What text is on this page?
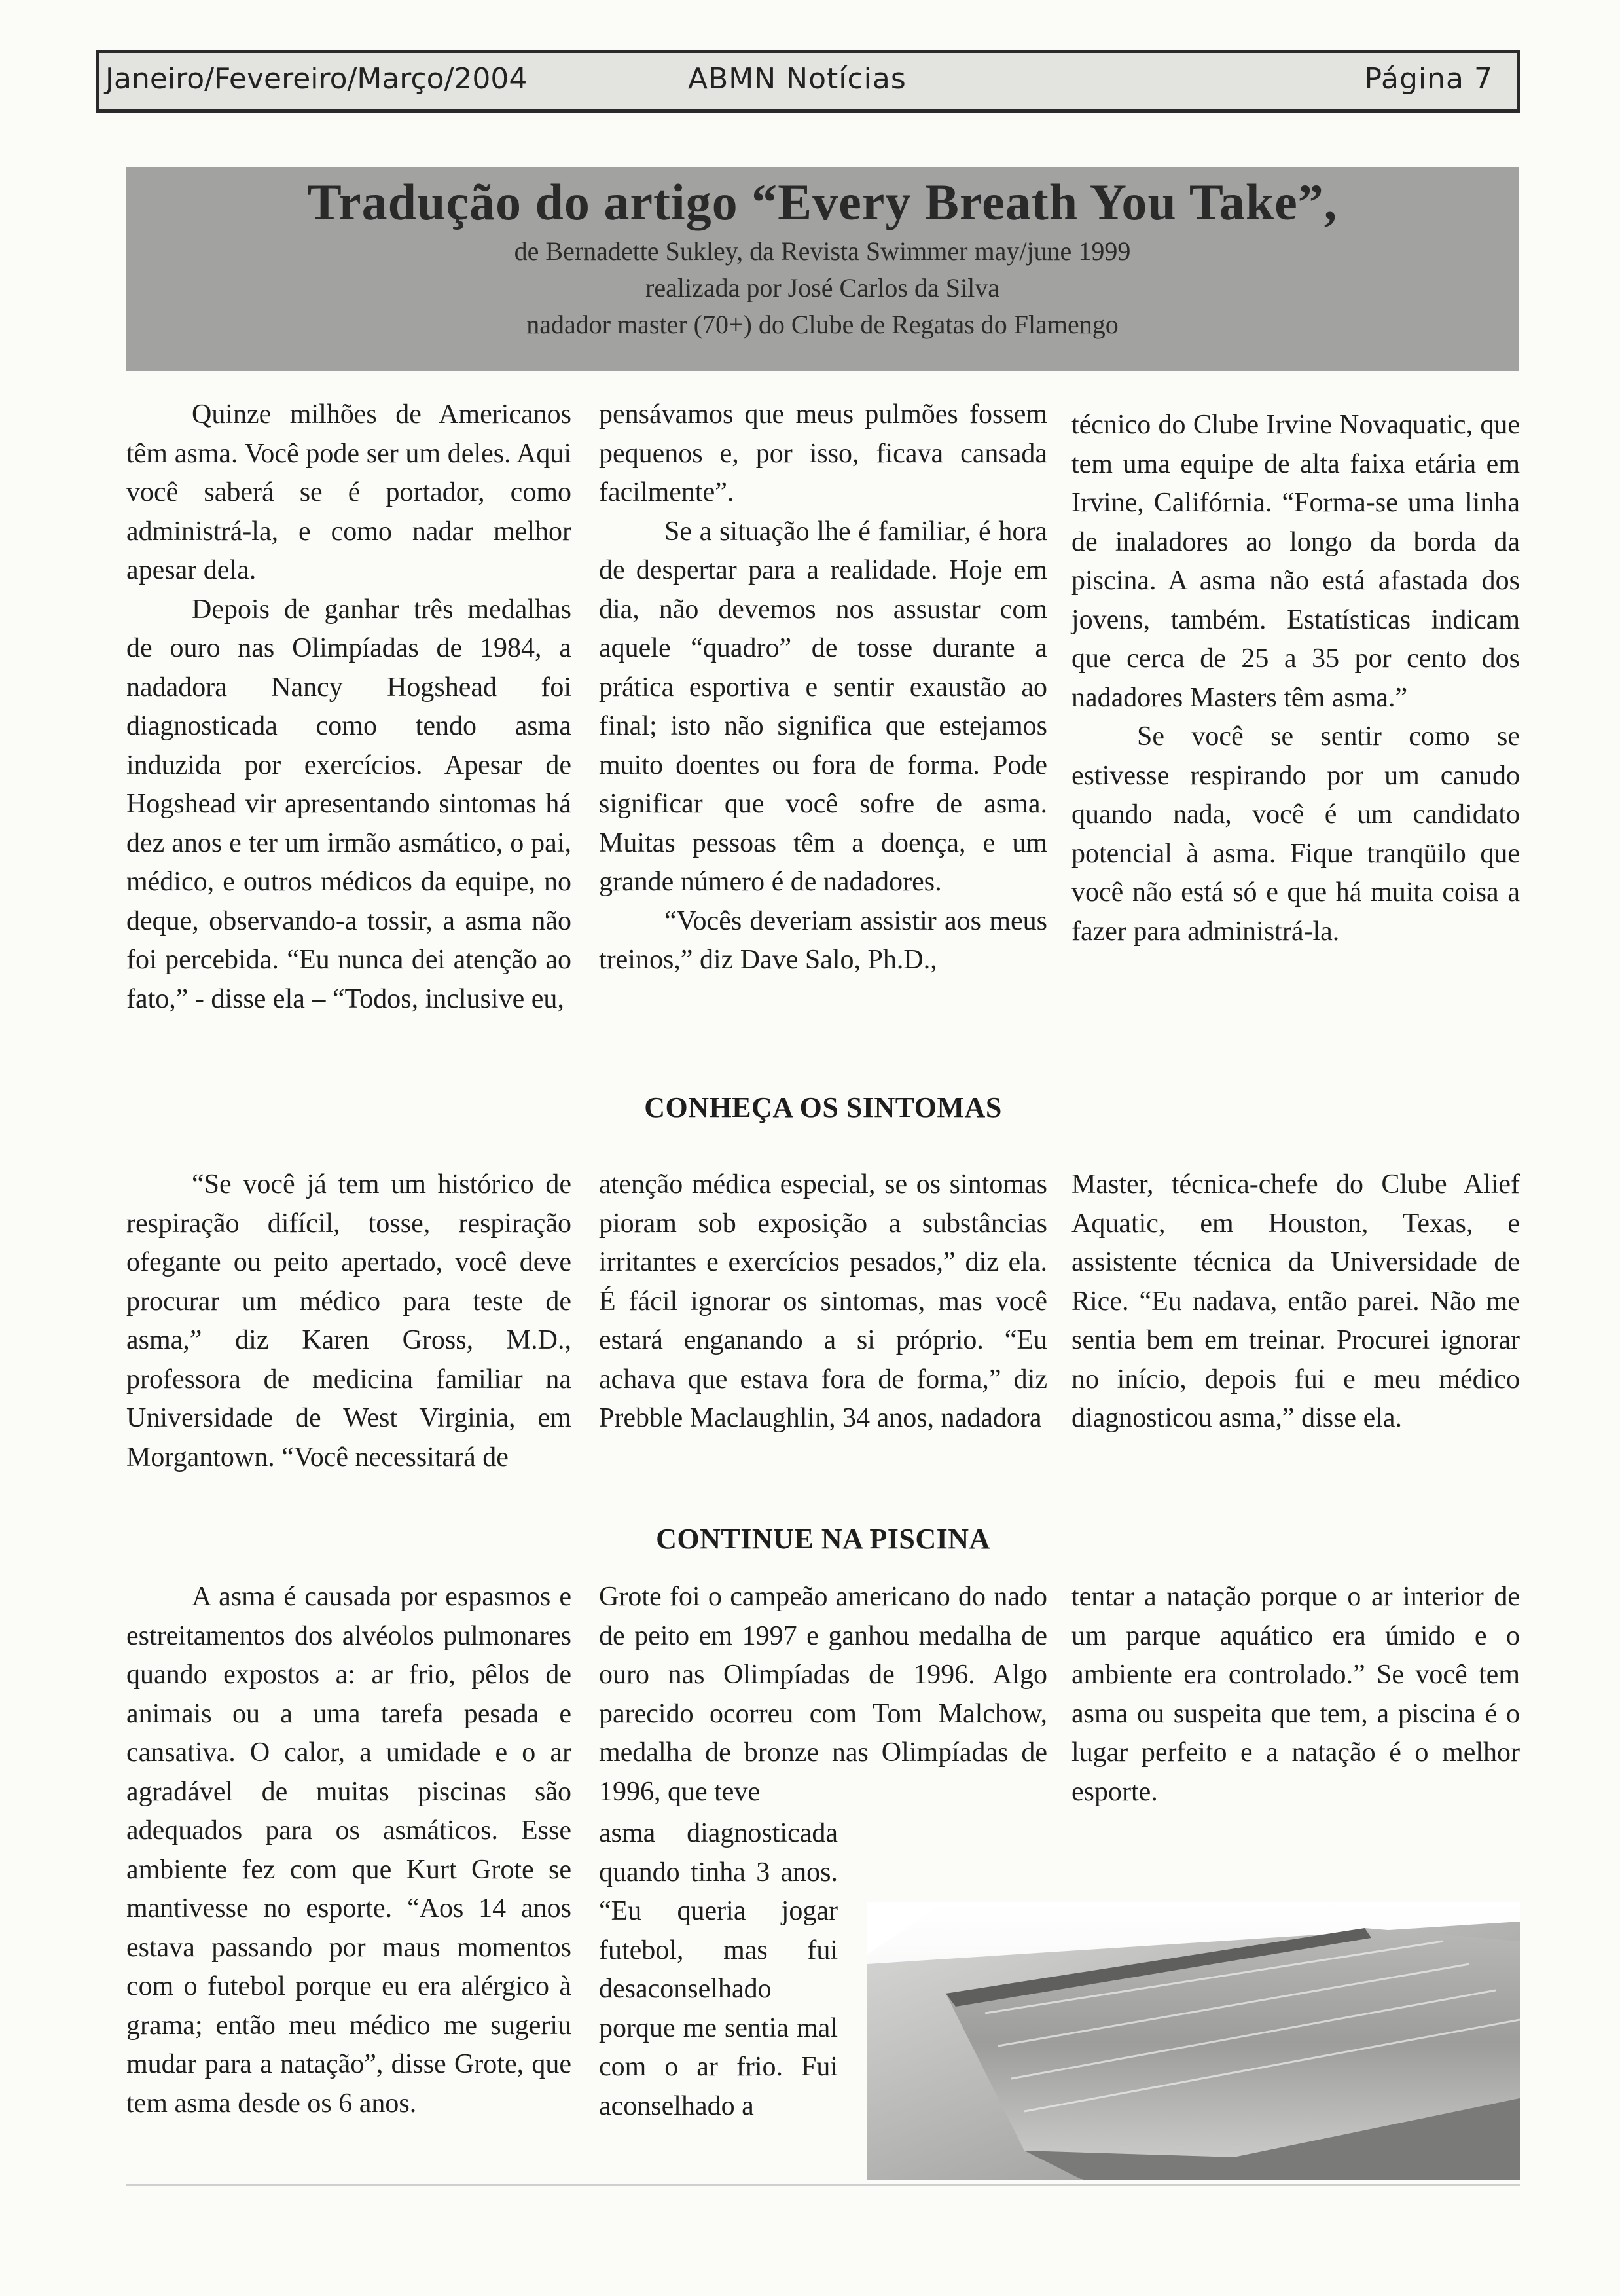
Janeiro/Fevereiro/Março/2004	ABMN Notícias	Página 7
Tradução do artigo “Every Breath You Take”,
de Bernadette Sukley, da Revista Swimmer may/june 1999
realizada por José Carlos da Silva
nadador master (70+) do Clube de Regatas do Flamengo

Quinze milhões de Americanos têm asma. Você pode ser um deles. Aqui você saberá se é portador, como administrá-la, e como nadar melhor apesar dela.

Depois de ganhar três medalhas de ouro nas Olimpíadas de 1984, a nadadora Nancy Hogshead foi diagnosticada como tendo asma induzida por exercícios. Apesar de Hogshead vir apresentando sintomas há dez anos e ter um irmão asmático, o pai, médico, e outros médicos da equipe, no deque, observando-a tossir, a asma não foi percebida. “Eu nunca dei atenção ao fato,” - disse ela – “Todos, inclusive eu,

pensávamos que meus pulmões fossem pequenos e, por isso, ficava cansada facilmente”.

Se a situação lhe é familiar, é hora de despertar para a realidade. Hoje em dia, não devemos nos assustar com aquele “quadro” de tosse durante a prática esportiva e sentir exaustão ao final; isto não significa que estejamos muito doentes ou fora de forma. Pode significar que você sofre de asma. Muitas pessoas têm a doença, e um grande número é de nadadores.

“Vocês deveriam assistir aos meus treinos,” diz Dave Salo, Ph.D.,

técnico do Clube Irvine Novaquatic, que tem uma equipe de alta faixa etária em Irvine, Califórnia. “Forma-se uma linha de inaladores ao longo da borda da piscina. A asma não está afastada dos jovens, também. Estatísticas indicam que cerca de 25 a 35 por cento dos nadadores Masters têm asma.”

Se você se sentir como se estivesse respirando por um canudo quando nada, você é um candidato potencial à asma. Fique tranqüilo que você não está só e que há muita coisa a fazer para administrá-la.

CONHEÇA OS SINTOMAS

“Se você já tem um histórico de respiração difícil, tosse, respiração ofegante ou peito apertado, você deve procurar um médico para teste de asma,” diz Karen Gross, M.D., professora de medicina familiar na Universidade de West Virginia, em Morgantown. “Você necessitará de

atenção médica especial, se os sintomas pioram sob exposição a substâncias irritantes e exercícios pesados,” diz ela. É fácil ignorar os sintomas, mas você estará enganando a si próprio. “Eu achava que estava fora de forma,” diz Prebble Maclaughlin, 34 anos, nadadora

Master, técnica-chefe do Clube Alief Aquatic, em Houston, Texas, e assistente técnica da Universidade de Rice. “Eu nadava, então parei. Não me sentia bem em treinar. Procurei ignorar no início, depois fui e meu médico diagnosticou asma,” disse ela.

CONTINUE NA PISCINA

A asma é causada por espasmos e estreitamentos dos alvéolos pulmonares quando expostos a: ar frio, pêlos de animais ou a uma tarefa pesada e cansativa. O calor, a umidade e o ar agradável de muitas piscinas são adequados para os asmáticos. Esse ambiente fez com que Kurt Grote se mantivesse no esporte. “Aos 14 anos estava passando por maus momentos com o futebol porque eu era alérgico à grama; então meu médico me sugeriu mudar para a natação”, disse Grote, que tem asma desde os 6 anos.

Grote foi o campeão americano do nado de peito em 1997 e ganhou medalha de ouro nas Olimpíadas de 1996. Algo parecido ocorreu com Tom Malchow, medalha de bronze nas Olimpíadas de 1996, que teve

asma diagnosticada quando tinha 3 anos. “Eu queria jogar futebol, mas fui desaconselhado porque me sentia mal com o ar frio. Fui aconselhado a

tentar a natação porque o ar interior de um parque aquático era úmido e o ambiente era controlado.” Se você tem asma ou suspeita que tem, a piscina é o lugar perfeito e a natação é o melhor esporte.
